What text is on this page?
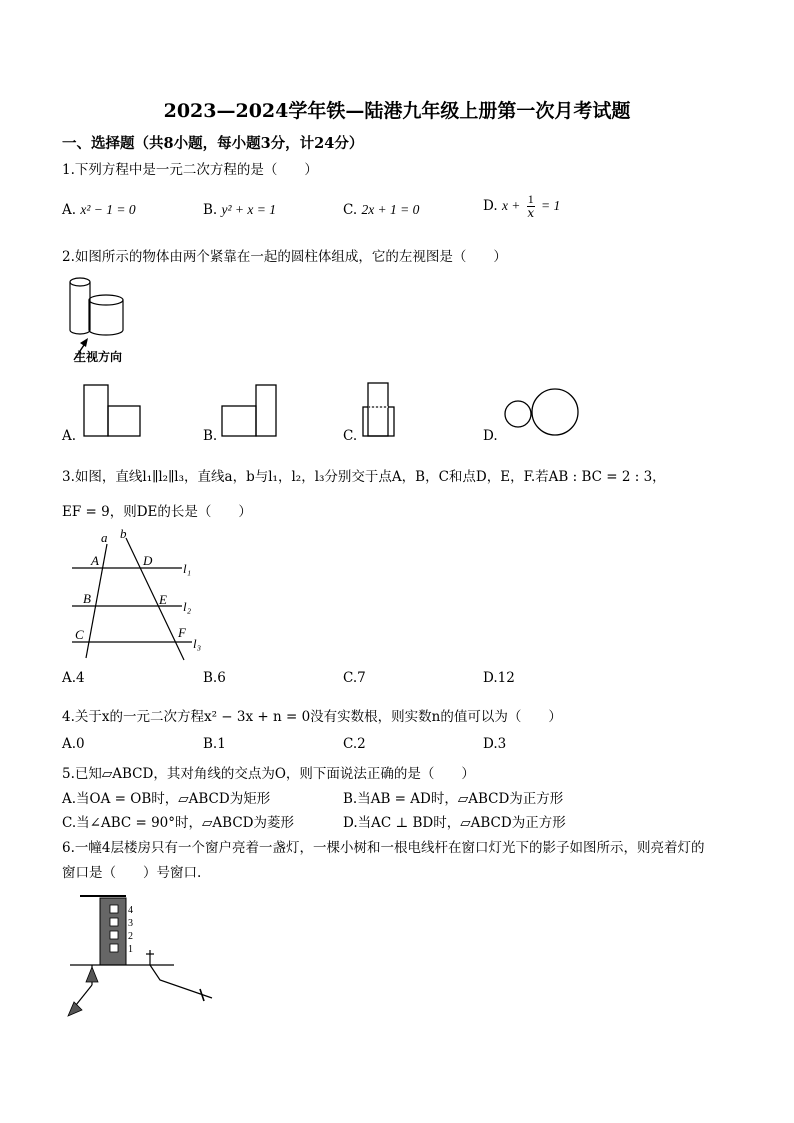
2023—2024学年铁—陆港九年级上册第一次月考试题
一、选择题（共8小题，每小题3分，计24分）
1.下列方程中是一元二次方程的是（　　）
A. x² − 1 = 0	B. y² + x = 1	C. 2x + 1 = 0	D. $x + \frac{1}{x} = 1$
2.如图所示的物体由两个紧靠在一起的圆柱体组成，它的左视图是（　　）
主视方向
A.	B.	C.	D.
3.如图，直线l₁∥l₂∥l₃，直线a，b与l₁，l₂，l₃分别交于点A，B，C和点D，E，F.若AB : BC = 2 : 3，
EF = 9，则DE的长是（　　）
a b
A	D
B	E
C	F
l₁
l₂
l₃
A.4	B.6	C.7	D.12
4.关于x的一元二次方程x² − 3x + n = 0没有实数根，则实数n的值可以为（　　）
A.0	B.1	C.2	D.3
5.已知▱ABCD，其对角线的交点为O，则下面说法正确的是（　　）
A.当OA = OB时，▱ABCD为矩形	B.当AB = AD时，▱ABCD为正方形
C.当∠ABC = 90°时，▱ABCD为菱形	D.当AC ⊥ BD时，▱ABCD为正方形
6.一幢4层楼房只有一个窗户亮着一盏灯，一棵小树和一根电线杆在窗口灯光下的影子如图所示，则亮着灯的
窗口是（　　）号窗口.
4
3
2
1
